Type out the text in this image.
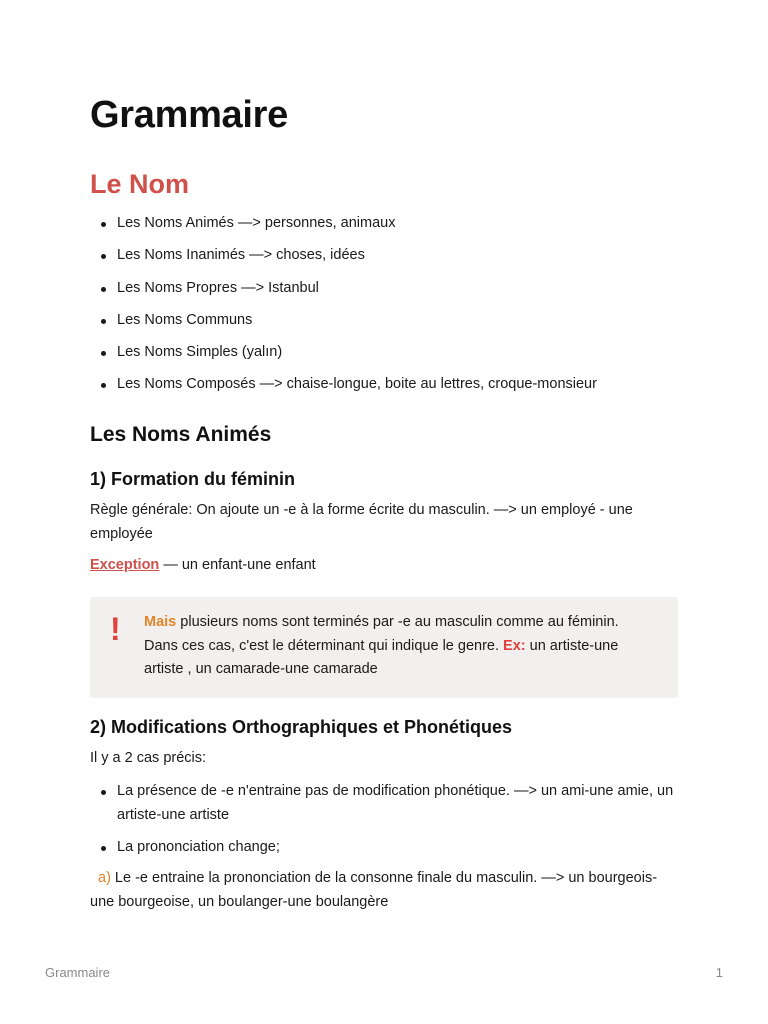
Grammaire
Le Nom
Les Noms Animés —> personnes, animaux
Les Noms Inanimés —> choses, idées
Les Noms Propres —> Istanbul
Les Noms Communs
Les Noms Simples (yalın)
Les Noms Composés —> chaise-longue, boite au lettres, croque-monsieur
Les Noms Animés
1) Formation du féminin

Règle générale: On ajoute un -e à la forme écrite du masculin. —> un employé - une employée

Exception — un enfant-une enfant

! Mais plusieurs noms sont terminés par -e au masculin comme au féminin. Dans ces cas, c'est le déterminant qui indique le genre. Ex: un artiste-une artiste , un camarade-une camarade
2) Modifications Orthographiques et Phonétiques

Il y a 2 cas précis:

La présence de -e n'entraine pas de modification phonétique. —> un ami-une amie, un artiste-une artiste
La prononciation change;

a) Le -e entraine la prononciation de la consonne finale du masculin. —> un bourgeois-une bourgeoise, un boulanger-une boulangère

Grammaire	1
